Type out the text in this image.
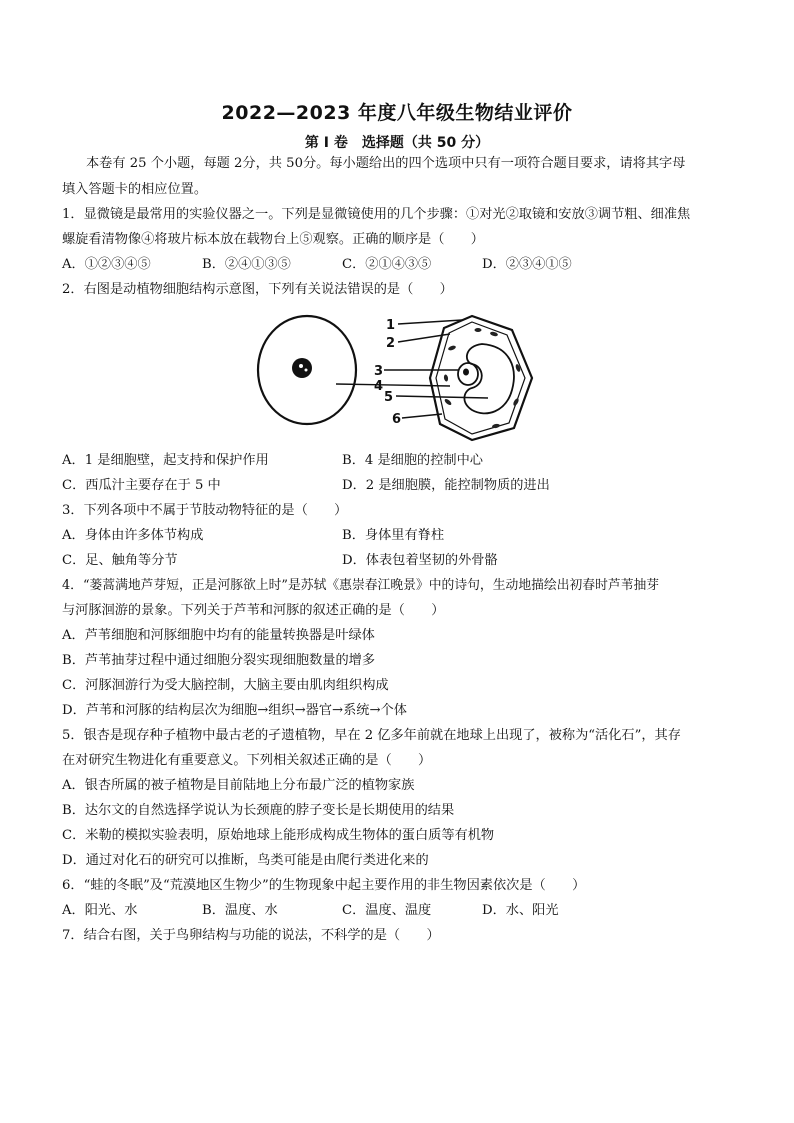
2022—2023 年度八年级生物结业评价
第 I 卷　选择题（共 50 分）
本卷有 25 个小题，每题 2分，共 50分。每小题给出的四个选项中只有一项符合题目要求，请将其字母
填入答题卡的相应位置。
1．显微镜是最常用的实验仪器之一。下列是显微镜使用的几个步骤：①对光②取镜和安放③调节粗、细准焦
螺旋看清物像④将玻片标本放在载物台上⑤观察。正确的顺序是（　　）
A．①②③④⑤	B．②④①③⑤	C．②①④③⑤	D．②③④①⑤
2．右图是动植物细胞结构示意图，下列有关说法错误的是（　　）
1
2
3
4
5
6
A．1 是细胞壁，起支持和保护作用	B．4 是细胞的控制中心
C．西瓜汁主要存在于 5 中	D．2 是细胞膜，能控制物质的进出
3．下列各项中不属于节肢动物特征的是（　　）
A．身体由许多体节构成	B．身体里有脊柱
C．足、触角等分节	D．体表包着坚韧的外骨骼
4．“蒌蒿满地芦芽短，正是河豚欲上时”是苏轼《惠崇春江晚景》中的诗句，生动地描绘出初春时芦苇抽芽
与河豚洄游的景象。下列关于芦苇和河豚的叙述正确的是（　　）
A．芦苇细胞和河豚细胞中均有的能量转换器是叶绿体
B．芦苇抽芽过程中通过细胞分裂实现细胞数量的增多
C．河豚洄游行为受大脑控制，大脑主要由肌肉组织构成
D．芦苇和河豚的结构层次为细胞→组织→器官→系统→个体
5．银杏是现存种子植物中最古老的孑遗植物，早在 2 亿多年前就在地球上出现了，被称为“活化石”，其存
在对研究生物进化有重要意义。下列相关叙述正确的是（　　）
A．银杏所属的被子植物是目前陆地上分布最广泛的植物家族
B．达尔文的自然选择学说认为长颈鹿的脖子变长是长期使用的结果
C．米勒的模拟实验表明，原始地球上能形成构成生物体的蛋白质等有机物
D．通过对化石的研究可以推断，鸟类可能是由爬行类进化来的
6．“蛙的冬眠”及“荒漠地区生物少”的生物现象中起主要作用的非生物因素依次是（　　）
A．阳光、水	B．温度、水	C．温度、温度	D．水、阳光
7．结合右图，关于鸟卵结构与功能的说法，不科学的是（　　）
